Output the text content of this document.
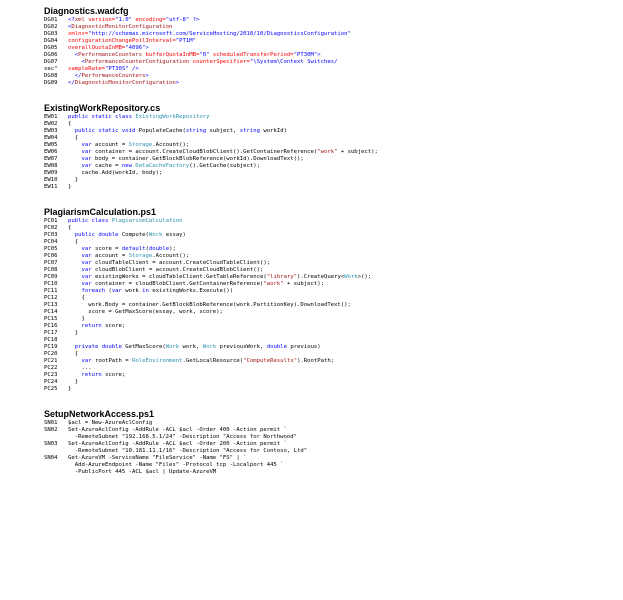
Diagnostics.wadcfg
DG01 <?xml version="1.0" encoding="utf-8" ?>
DG02 <DiagnosticMonitorConfiguration
DG03 xmlns="http://schemas.microsoft.com/ServiceHosting/2010/10/DiagnosticsConfiguration"
DG04 configurationChangePollInterval="PT1M"
DG05 overallQuotaInMB="4096">
DG06  <PerformanceCounters bufferQuotaInMB="0" scheduledTransferPeriod="PT30M">
DG07    <PerformanceCounterConfiguration counterSpecifier="\System\Context Switches/
sec" sampleRate="PT30S" />
DG08  </PerformanceCounters>
DG09 </DiagnosticMonitorConfiguration>
ExistingWorkRepository.cs
EW01 public static class ExistingWorkRepository
EW02 {
EW03	public static void PopulateCache(string subject, string workId)
EW04  {
EW05	var account = Storage.Account();
EW06	var container = account.CreateCloudBlobClient().GetContainerReference("work" + subject);
EW07	var body = container.GetBlockBlobReference(workId).DownloadText();
EW08	var cache = new DataCacheFactory().GetCache(subject);
EW09    cache.Add(workId, body);
EW10  }
EW11 }
PlagiarismCalculation.ps1
PC01 public class PlagiarismCalculation
PC02 {
PC03	public double Compute(Work essay)
PC04  {
PC05	var score = default(double);
PC06	var account = Storage.Account();
PC07	var cloudTableClient = account.CreateCloudTableClient();
PC08	var cloudBlobClient = account.CreateCloudBlobClient();
PC09	var existingWorks = cloudTableClient.GetTableReference("library").CreateQuery<Work>();
PC10	var container = cloudBlobClient.GetContainerReference("work" + subject);
PC11	foreach (var work in existingWorks.Execute())
PC12    {
PC13      work.Body = container.GetBlockBlobReference(work.PartitionKey).DownloadText();
PC14      score = GetMaxScore(essay, work, score);
PC15    }
PC16	return score;
PC17  }
PC18
PC19	private double GetMaxScore(Work work, Work previousWork, double previous)
PC20  {
PC21	var rootPath = RoleEnvironment.GetLocalResource("ComputeResults").RootPath;
PC22    ...
PC23	return score;
PC24  }
PC25 }
SetupNetworkAccess.ps1
SN01 $acl = New-AzureAclConfig
SN02 Set-AzureAclConfig -AddRule -ACL $acl -Order 400 -Action permit `
-RemoteSubnet "192.168.5.1/24" -Description "Access for Northwood"
SN03 Set-AzureAclConfig -AddRule -ACL $acl -Order 200 -Action permit `
-RemoteSubnet "10.181.11.1/16" -Description "Access for Contoso, Ltd"
SN04 Get-AzureVM -ServiceName "FileService" -Name "FS" | `
Add-AzureEndpoint -Name "Files" -Protocol tcp -Localport 445 `
-PublicPort 445 -ACL $acl | Update-AzureVM
